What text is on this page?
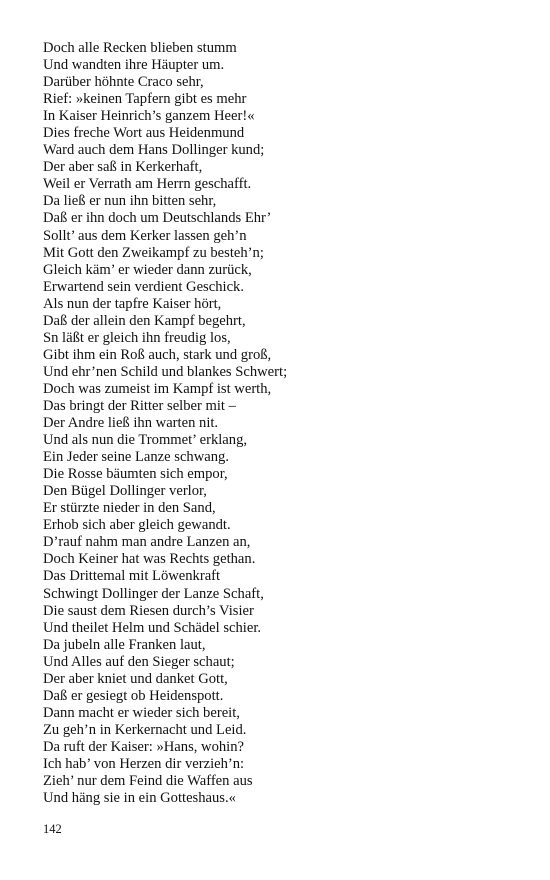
Doch alle Recken blieben stumm
Und wandten ihre Häupter um.
Darüber höhnte Craco sehr,
Rief: »keinen Tapfern gibt es mehr
In Kaiser Heinrich’s ganzem Heer!«
Dies freche Wort aus Heidenmund
Ward auch dem Hans Dollinger kund;
Der aber saß in Kerkerhaft,
Weil er Verrath am Herrn geschafft.
Da ließ er nun ihn bitten sehr,
Daß er ihn doch um Deutschlands Ehr’
Sollt’ aus dem Kerker lassen geh’n
Mit Gott den Zweikampf zu besteh’n;
Gleich käm’ er wieder dann zurück,
Erwartend sein verdient Geschick.
Als nun der tapfre Kaiser hört,
Daß der allein den Kampf begehrt,
Sn läßt er gleich ihn freudig los,
Gibt ihm ein Roß auch, stark und groß,
Und ehr’nen Schild und blankes Schwert;
Doch was zumeist im Kampf ist werth,
Das bringt der Ritter selber mit –
Der Andre ließ ihn warten nit.
Und als nun die Trommet’ erklang,
Ein Jeder seine Lanze schwang.
Die Rosse bäumten sich empor,
Den Bügel Dollinger verlor,
Er stürzte nieder in den Sand,
Erhob sich aber gleich gewandt.
D’rauf nahm man andre Lanzen an,
Doch Keiner hat was Rechts gethan.
Das Drittemal mit Löwenkraft
Schwingt Dollinger der Lanze Schaft,
Die saust dem Riesen durch’s Visier
Und theilet Helm und Schädel schier.
Da jubeln alle Franken laut,
Und Alles auf den Sieger schaut;
Der aber kniet und danket Gott,
Daß er gesiegt ob Heidenspott.
Dann macht er wieder sich bereit,
Zu geh’n in Kerkernacht und Leid.
Da ruft der Kaiser: »Hans, wohin?
Ich hab’ von Herzen dir verzieh’n:
Zieh’ nur dem Feind die Waffen aus
Und häng sie in ein Gotteshaus.«
142
